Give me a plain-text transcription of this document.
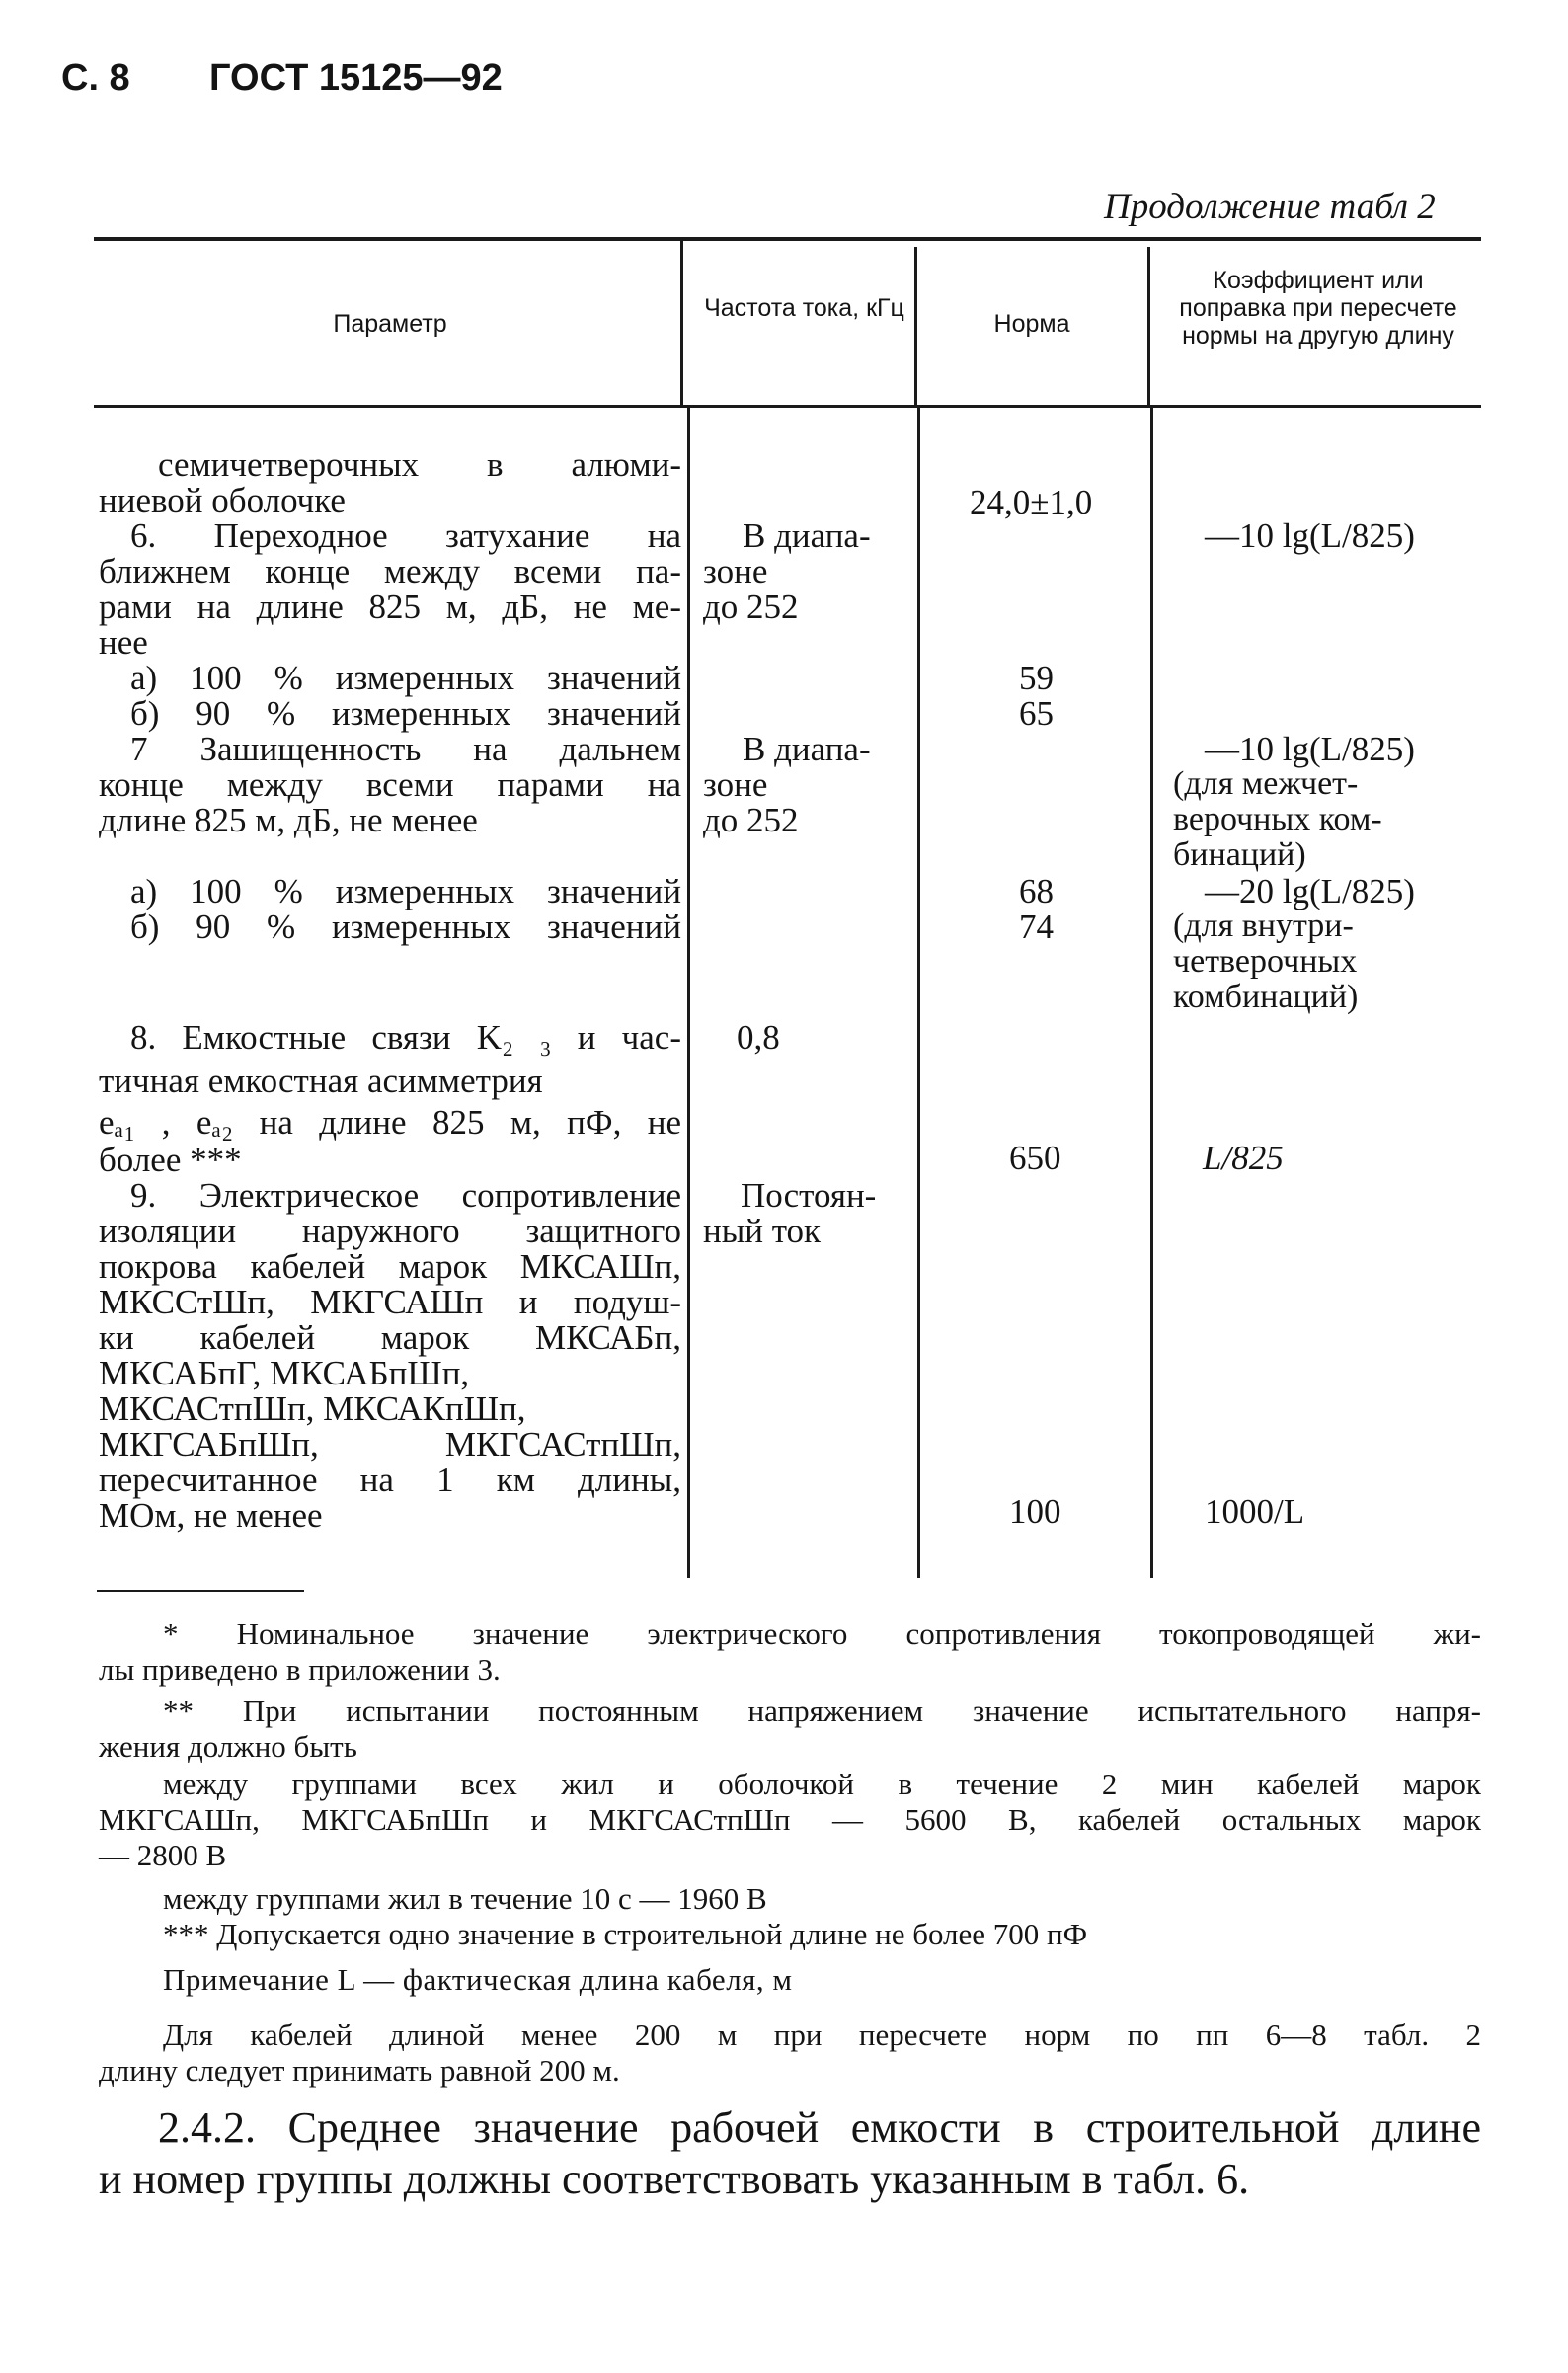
С. 8 ГОСТ 15125—92
Продолжение табл 2
Параметр
Частота тока, кГц
Норма
Коэффициент или поправка при пересчете нормы на другую длину
семичетверочных в алюми-
ниевой оболочке
6. Переходное затухание на
ближнем конце между всеми па-
рами на длине 825 м, дБ, не ме-
нее
а) 100 % измеренных значений
б) 90 % измеренных значений
7 Зашищенность на дальнем
конце между всеми парами на
длине 825 м, дБ, не менее
а) 100 % измеренных значений
б) 90 % измеренных значений
8. Емкостные связи K₂ ₃ и час-
тичная емкостная асимметрия
eₐ₁ , eₐ₂ на длине 825 м, пФ, не
более ***
9. Электрическое сопротивление
изоляции наружного защитного
покрова кабелей марок МКСАШп,
МКССтШп, МКГСАШп и подуш-
ки кабелей марок МКСАБп,
МКСАБпГ, МКСАБпШп,
МКСАСтпШп, МКСАКпШп,
МКГСАБпШп, МКГСАСтпШп,
пересчитанное на 1 км длины,
МОм, не менее
В диапа-
зоне
до 252
В диапа-
зоне
до 252
0,8
Постоян-
ный ток
24,0±1,0
59
65
68
74
650
100
—10 lg(L/825)
—10 lg(L/825)
(для межчет-
верочных ком-
бинаций)
—20 lg(L/825)
(для внутри-
четверочных
комбинаций)
L/825
1000/L
* Номинальное значение электрического сопротивления токопроводящей жи-
лы приведено в приложении 3.
** При испытании постоянным напряжением значение испытательного напря-
жения должно быть
между группами всех жил и оболочкой в течение 2 мин кабелей марок
МКГСАШп, МКГСАБпШп и МКГСАСтпШп — 5600 В, кабелей остальных марок
— 2800 В
между группами жил в течение 10 с — 1960 В
*** Допускается одно значение в строительной длине не более 700 пФ
Примечание L — фактическая длина кабеля, м
Для кабелей длиной менее 200 м при пересчете норм по пп 6—8 табл. 2
длину следует принимать равной 200 м.
2.4.2. Среднее значение рабочей емкости в строительной длине
и номер группы должны соответствовать указанным в табл. 6.
